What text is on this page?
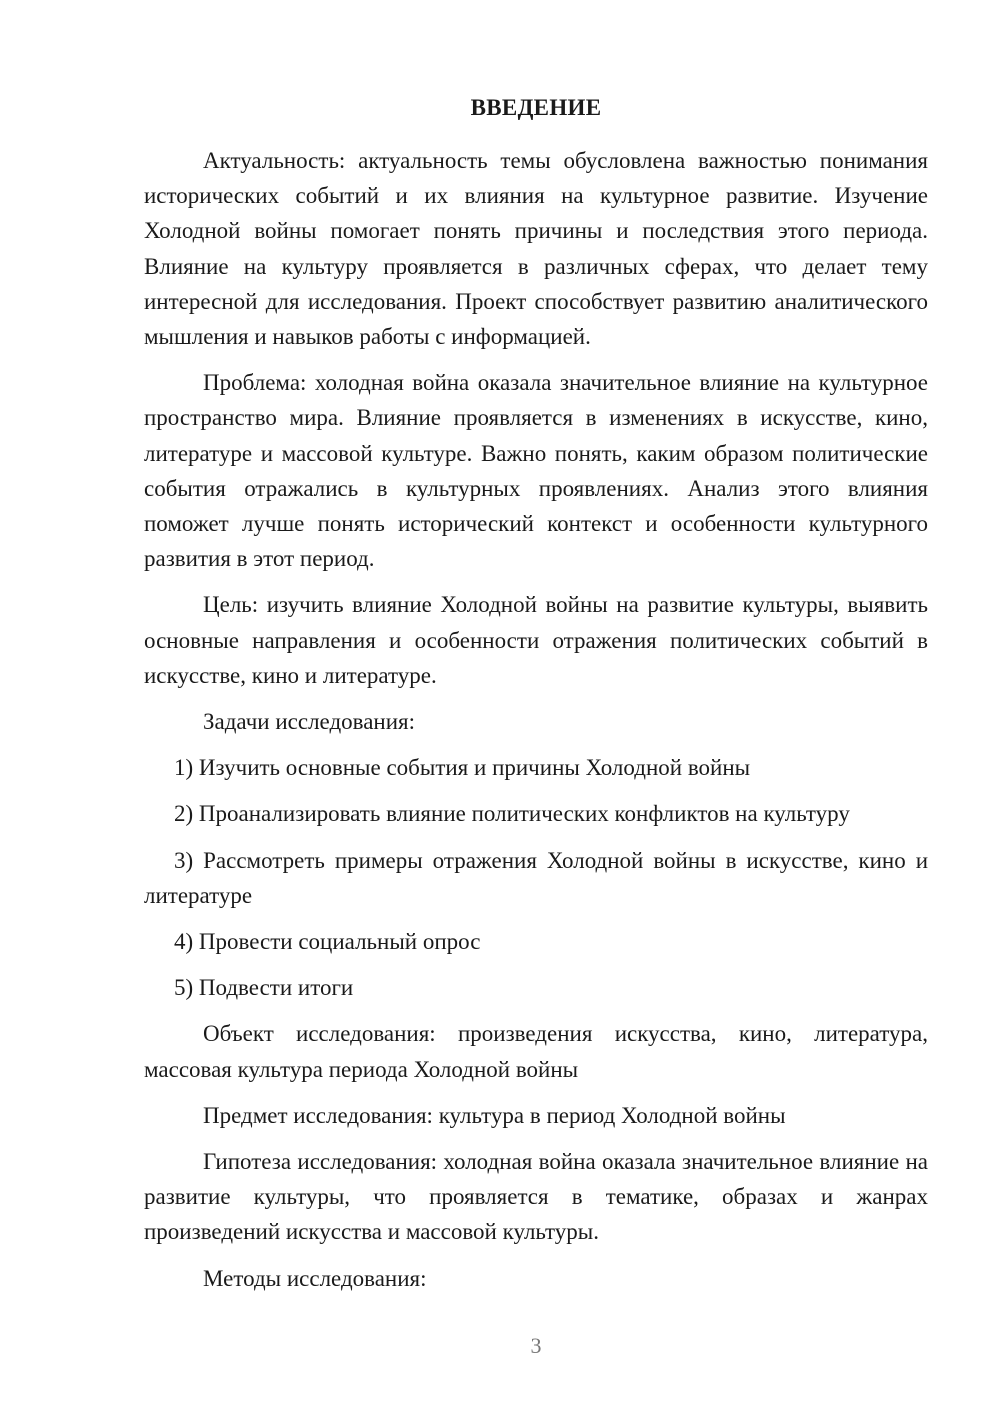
ВВЕДЕНИЕ

Актуальность: актуальность темы обусловлена важностью понимания исторических событий и их влияния на культурное развитие. Изучение Холодной войны помогает понять причины и последствия этого периода. Влияние на культуру проявляется в различных сферах, что делает тему интересной для исследования. Проект способствует развитию аналитического мышления и навыков работы с информацией.

Проблема: холодная война оказала значительное влияние на культурное пространство мира. Влияние проявляется в изменениях в искусстве, кино, литературе и массовой культуре. Важно понять, каким образом политические события отражались в культурных проявлениях. Анализ этого влияния поможет лучше понять исторический контекст и особенности культурного развития в этот период.

Цель: изучить влияние Холодной войны на развитие культуры, выявить основные направления и особенности отражения политических событий в искусстве, кино и литературе.

Задачи исследования:

1) Изучить основные события и причины Холодной войны

2) Проанализировать влияние политических конфликтов на культуру

3) Рассмотреть примеры отражения Холодной войны в искусстве, кино и литературе

4) Провести социальный опрос

5) Подвести итоги

Объект исследования: произведения искусства, кино, литература, массовая культура периода Холодной войны

Предмет исследования: культура в период Холодной войны

Гипотеза исследования: холодная война оказала значительное влияние на развитие культуры, что проявляется в тематике, образах и жанрах произведений искусства и массовой культуры.

Методы исследования:

3
